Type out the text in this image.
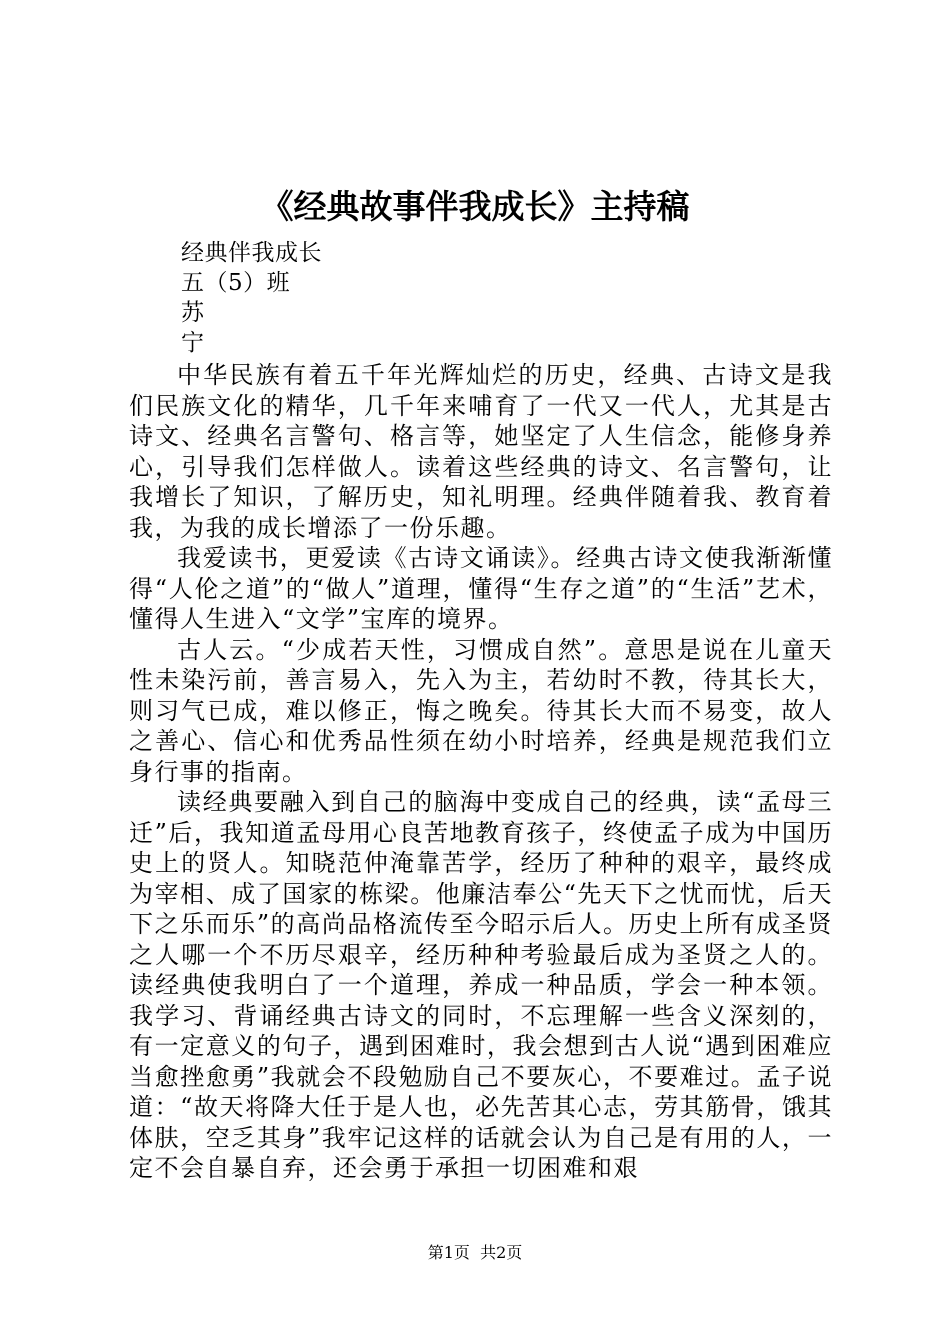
《经典故事伴我成长》主持稿
经典伴我成长
五（5）班
苏
宁

中华民族有着五千年光辉灿烂的历史，经典、古诗文是我们民族文化的精华，几千年来哺育了一代又一代人，尤其是古诗文、经典名言警句、格言等，她坚定了人生信念，能修身养心，引导我们怎样做人。读着这些经典的诗文、名言警句，让我增长了知识，了解历史，知礼明理。经典伴随着我、教育着我，为我的成长增添了一份乐趣。

我爱读书，更爱读《古诗文诵读》。经典古诗文使我渐渐懂得“人伦之道”的“做人”道理，懂得“生存之道”的“生活”艺术，懂得人生进入“文学”宝库的境界。

古人云。“少成若天性，习惯成自然”。意思是说在儿童天性未染污前，善言易入，先入为主，若幼时不教，待其长大，则习气已成，难以修正，悔之晚矣。待其长大而不易变，故人之善心、信心和优秀品性须在幼小时培养，经典是规范我们立身行事的指南。

读经典要融入到自己的脑海中变成自己的经典，读“孟母三迁”后，我知道孟母用心良苦地教育孩子，终使孟子成为中国历史上的贤人。知晓范仲淹靠苦学，经历了种种的艰辛，最终成为宰相、成了国家的栋梁。他廉洁奉公“先天下之忧而忧，后天下之乐而乐”的高尚品格流传至今昭示后人。历史上所有成圣贤之人哪一个不历尽艰辛，经历种种考验最后成为圣贤之人的。读经典使我明白了一个道理，养成一种品质，学会一种本领。我学习、背诵经典古诗文的同时，不忘理解一些含义深刻的，有一定意义的句子，遇到困难时，我会想到古人说“遇到困难应当愈挫愈勇”我就会不段勉励自己不要灰心，不要难过。孟子说道：“故天将降大任于是人也，必先苦其心志，劳其筋骨，饿其体肤，空乏其身”我牢记这样的话就会认为自己是有用的人，一定不会自暴自弃，还会勇于承担一切困难和艰

第1页 共2页
